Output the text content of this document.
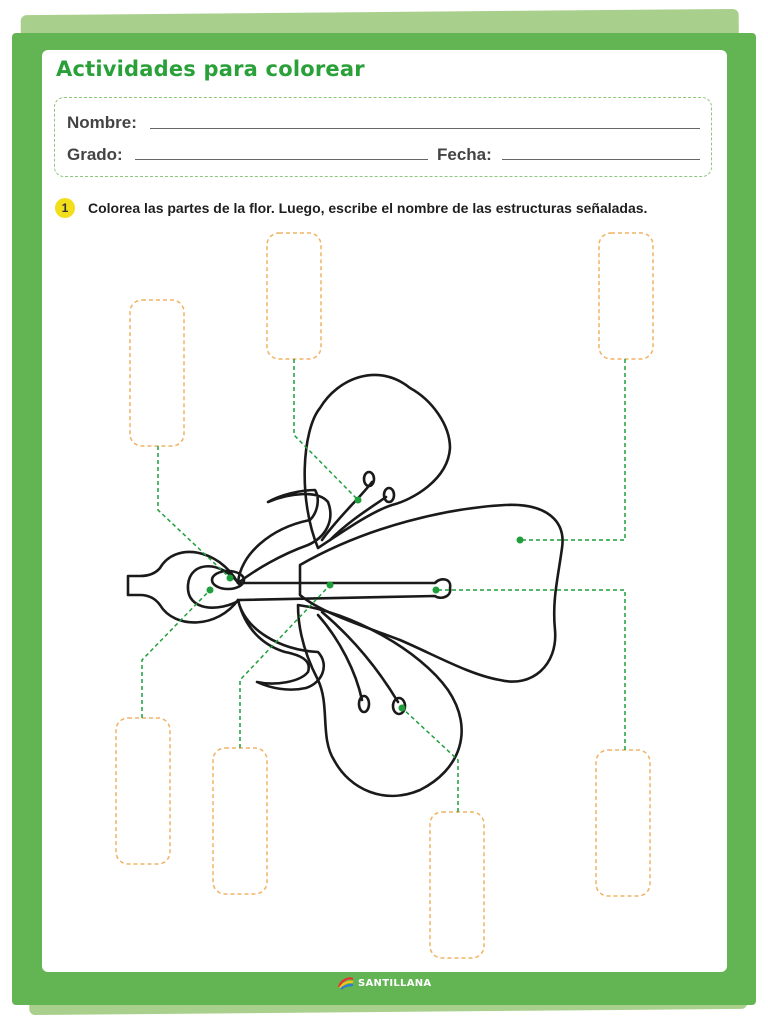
Actividades para colorear
Nombre:
Grado:	Fecha:
1	Colorea las partes de la flor. Luego, escribe el nombre de las estructuras señaladas.
SANTILLANA
